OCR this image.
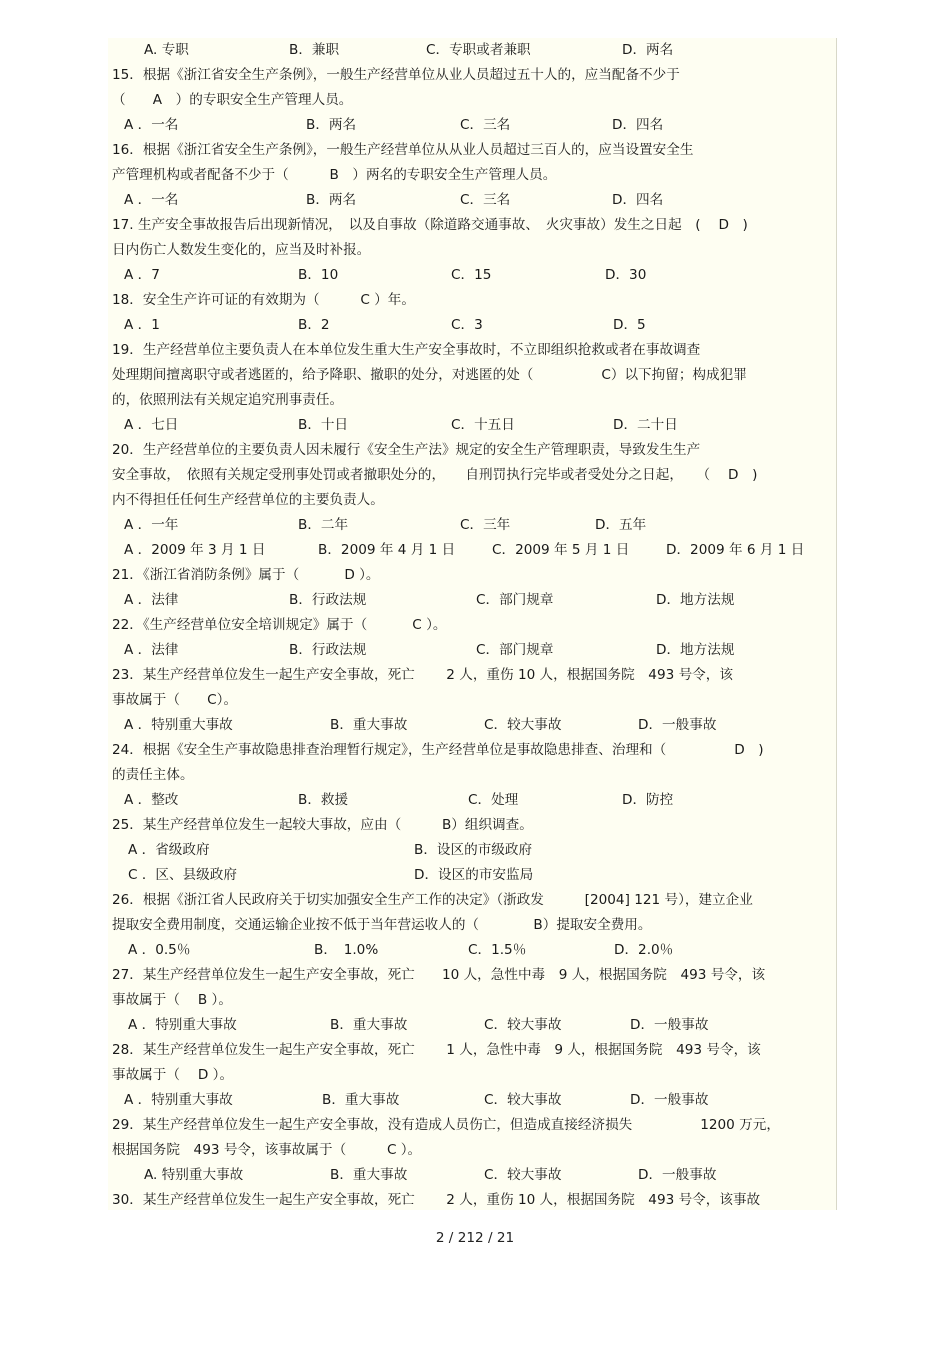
A. 专职	B．兼职	C．专职或者兼职	D．两名
15．根据《浙江省安全生产条例》，一般生产经营单位从业人员超过五十人的，应当配备不少于
（　　A　）的专职安全生产管理人员。
A ．一名	B．两名	C．三名	D．四名
16．根据《浙江省安全生产条例》，一般生产经营单位从从业人员超过三百人的，应当设置安全生
产管理机构或者配备不少于（　　　B　）两名的专职安全生产管理人员。
A ．一名	B．两名	C．三名	D．四名
17. 生产安全事故报告后出现新情况，　以及自事故（除道路交通事故、　火灾事故）发生之日起　(　 D　)
日内伤亡人数发生变化的，应当及时补报。
A ．7	B．10	C．15	D．30
18．安全生产许可证的有效期为（　　　C ）年。
A ．1	B．2	C．3	D．5
19．生产经营单位主要负责人在本单位发生重大生产安全事故时，不立即组织抢救或者在事故调查
处理期间擅离职守或者逃匿的，给予降职、撤职的处分，对逃匿的处（　　　　　C）以下拘留；构成犯罪
的，依照刑法有关规定追究刑事责任。
A ．七日	B．十日	C．十五日	D．二十日
20．生产经营单位的主要负责人因未履行《安全生产法》规定的安全生产管理职责，导致发生生产
安全事故，　依照有关规定受刑事处罚或者撤职处分的，　　自刑罚执行完毕或者受处分之日起，　　（　 D　)
内不得担任任何生产经营单位的主要负责人。
A ．一年	B．二年	C．三年	D．五年
A ．2009 年 3 月 1 日	B．2009 年 4 月 1 日	C．2009 年 5 月 1 日	D．2009 年 6 月 1 日
21．《浙江省消防条例》属于（　　　 D ）。
A ．法律	B．行政法规	C．部门规章	D．地方法规
22．《生产经营单位安全培训规定》属于（　　　 C ）。
A ．法律	B．行政法规	C．部门规章	D．地方法规
23．某生产经营单位发生一起生产安全事故，死亡　　 2 人，重伤 10 人，根据国务院　493 号令，该
事故属于（　　C）。
A ．特别重大事故	B．重大事故	C．较大事故	D．一般事故
24．根据《安全生产事故隐患排查治理暂行规定》，生产经营单位是事故隐患排查、治理和（　　　　　D　)
的责任主体。
A ．整改	B．救援	C．处理	D．防控
25．某生产经营单位发生一起较大事故，应由（　　　B）组织调查。
A ．省级政府	B．设区的市级政府
C ．区、县级政府	D．设区的市安监局
26．根据《浙江省人民政府关于切实加强安全生产工作的决定》（浙政发　　　[2004] 121 号），建立企业
提取安全费用制度，交通运输企业按不低于当年营运收人的（　　　　B）提取安全费用。
A ．0.5％	B．　1.0%	C．1.5％	D．2.0％
27．某生产经营单位发生一起生产安全事故，死亡　　10 人，急性中毒　9 人，根据国务院　493 号令，该
事故属于（　 B ）。
A ．特别重大事故	B．重大事故	C．较大事故	D．一般事故
28．某生产经营单位发生一起生产安全事故，死亡　　 1 人，急性中毒　9 人，根据国务院　493 号令，该
事故属于（　 D ）。
A ．特别重大事故	B．重大事故	C．较大事故	D．一般事故
29．某生产经营单位发生一起生产安全事故，没有造成人员伤亡，但造成直接经济损失　　　　　1200 万元，
根据国务院　493 号令，该事故属于（　　　C ）。
A. 特别重大事故	B．重大事故	C．较大事故	D．一般事故
30．某生产经营单位发生一起生产安全事故，死亡　　 2 人，重伤 10 人，根据国务院　493 号令，该事故
2 / 212 / 21
